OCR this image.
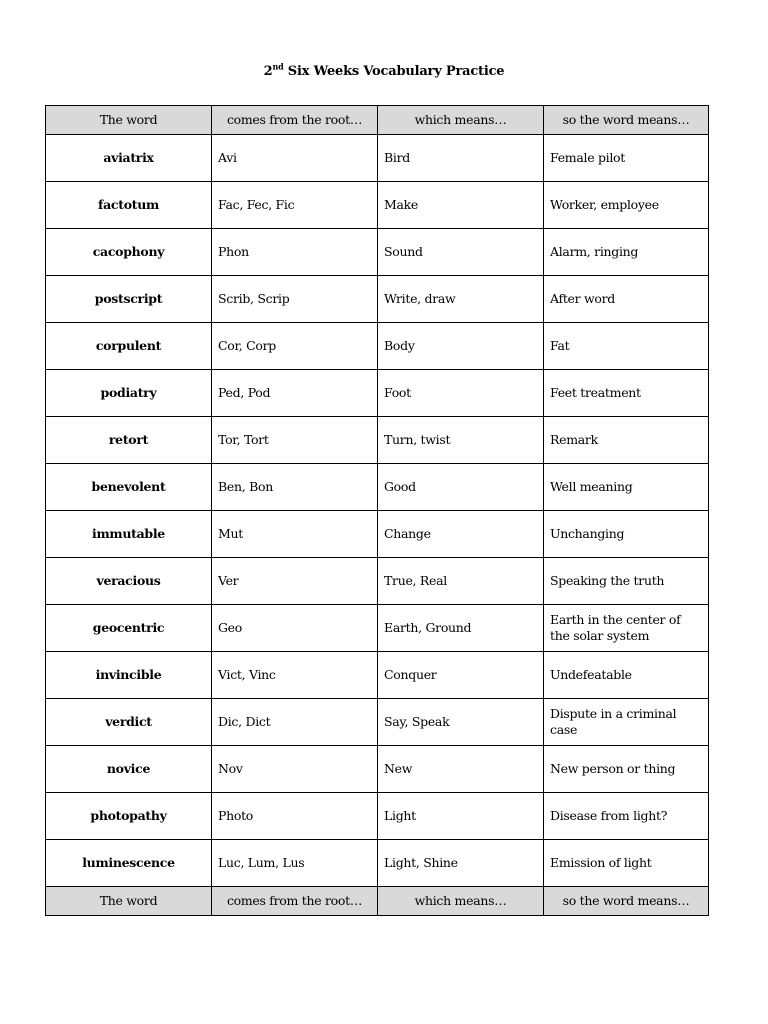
2nd Six Weeks Vocabulary Practice
The word	comes from the root…	which means…	so the word means…
aviatrix	Avi	Bird	Female pilot
factotum	Fac, Fec, Fic	Make	Worker, employee
cacophony	Phon	Sound	Alarm, ringing
postscript	Scrib, Scrip	Write, draw	After word
corpulent	Cor, Corp	Body	Fat
podiatry	Ped, Pod	Foot	Feet treatment
retort	Tor, Tort	Turn, twist	Remark
benevolent	Ben, Bon	Good	Well meaning
immutable	Mut	Change	Unchanging
veracious	Ver	True, Real	Speaking the truth
geocentric	Geo	Earth, Ground	Earth in the center of the solar system
invincible	Vict, Vinc	Conquer	Undefeatable
verdict	Dic, Dict	Say, Speak	Dispute in a criminal case
novice	Nov	New	New person or thing
photopathy	Photo	Light	Disease from light?
luminescence	Luc, Lum, Lus	Light, Shine	Emission of light
The word	comes from the root…	which means…	so the word means…
